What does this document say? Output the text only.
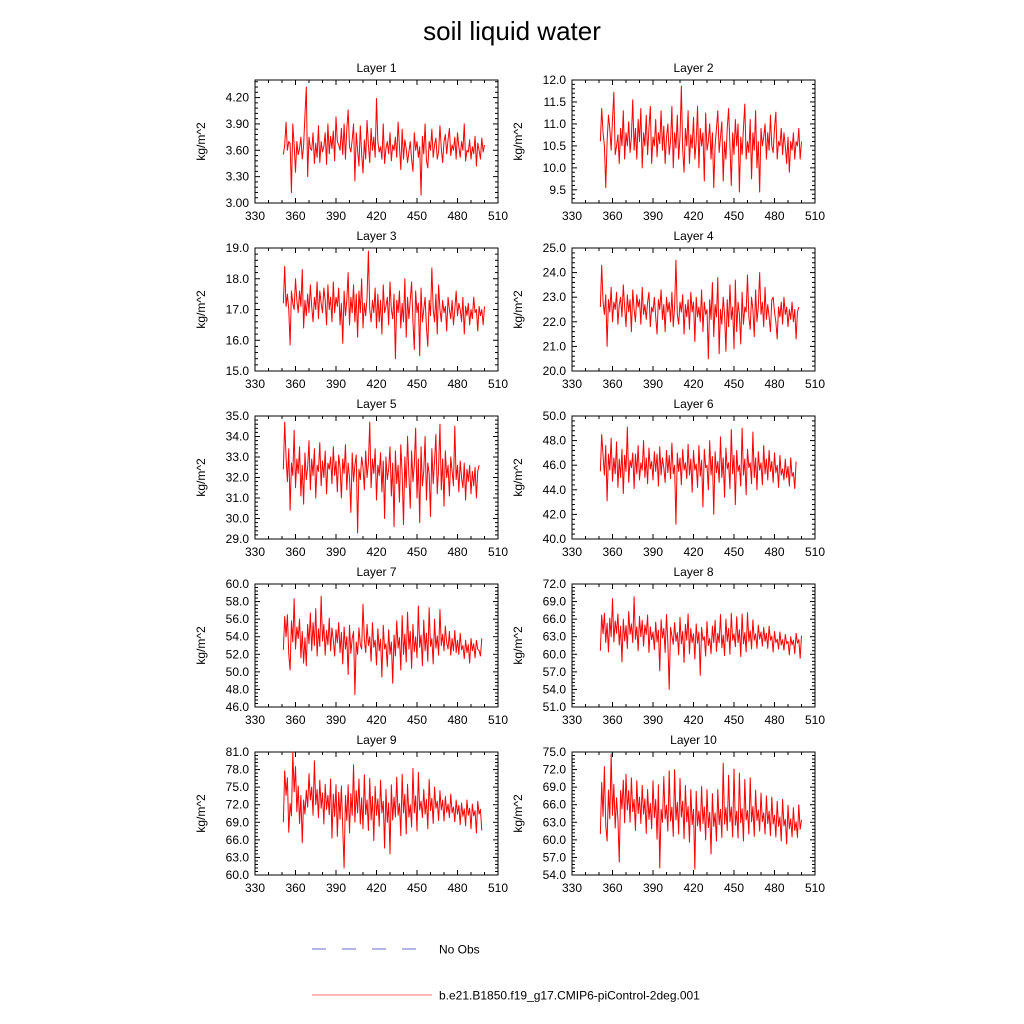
soil liquid water
Layer 1
kg/m^2
330 360 390 420 450 480 510
3.00
3.30
3.60
3.90
4.20
Layer 2
kg/m^2
330 360 390 420 450 480 510
9.5
10.0
10.5
11.0
11.5
12.0
Layer 3
kg/m^2
330 360 390 420 450 480 510
15.0
16.0
17.0
18.0
19.0
Layer 4
kg/m^2
330 360 390 420 450 480 510
20.0
21.0
22.0
23.0
24.0
25.0
Layer 5
kg/m^2
330 360 390 420 450 480 510
29.0
30.0
31.0
32.0
33.0
34.0
35.0
Layer 6
kg/m^2
330 360 390 420 450 480 510
40.0
42.0
44.0
46.0
48.0
50.0
Layer 7
kg/m^2
330 360 390 420 450 480 510
46.0
48.0
50.0
52.0
54.0
56.0
58.0
60.0
Layer 8
kg/m^2
330 360 390 420 450 480 510
51.0
54.0
57.0
60.0
63.0
66.0
69.0
72.0
Layer 9
kg/m^2
330 360 390 420 450 480 510
60.0
63.0
66.0
69.0
72.0
75.0
78.0
81.0
Layer 10
kg/m^2
330 360 390 420 450 480 510
54.0
57.0
60.0
63.0
66.0
69.0
72.0
75.0
No Obs
b.e21.B1850.f19_g17.CMIP6-piControl-2deg.001
